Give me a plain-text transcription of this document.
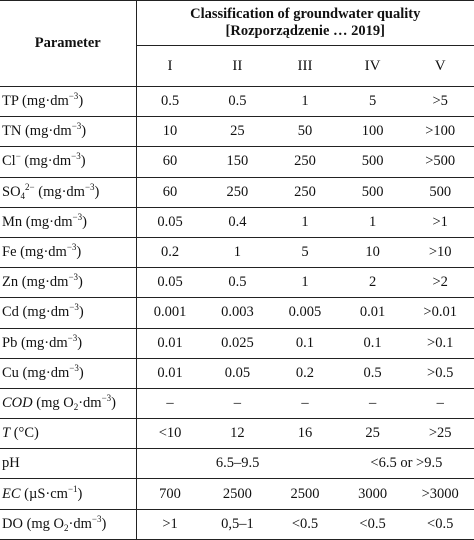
Parameter	Classification of groundwater quality
[Rozporządzenie … 2019]				

	I	II	III	IV	V
TP $(mg\cdot dm^{-3})$	0.5	0.5	1	5	>5
TN $(mg\cdot dm^{-3})$	10	25	50	100	>100
Cl− $(mg\cdot dm^{-3})$	60	150	250	500	>500
$SO_4^{2-}$ $(mg\cdot dm^{-3})$	60	250	250	500	500
Mn $(mg\cdot dm^{-3})$	0.05	0.4	1	1	>1
Fe $(mg\cdot dm^{-3})$	0.2	1	5	10	>10
Zn $(mg\cdot dm^{-3})$	0.05	0.5	1	2	>2
Cd $(mg\cdot dm^{-3})$	0.001	0.003	0.005	0.01	>0.01
Pb $(mg\cdot dm^{-3})$	0.01	0.025	0.1	0.1	>0.1
Cu $(mg\cdot dm^{-3})$	0.01	0.05	0.2	0.5	>0.5
COD (mg $O_2\cdot dm^{-3}$)	–	–	–	–	–
T (°C)	<10	12	16	25	>25
pH	6.5–9.5			<6.5 or >9.5	
EC $(\mu S\cdot cm^{-1})$	700	2500	2500	3000	>3000
DO (mg $O_2\cdot dm^{-3}$)	>1	0,5–1	<0.5	<0.5	<0.5
